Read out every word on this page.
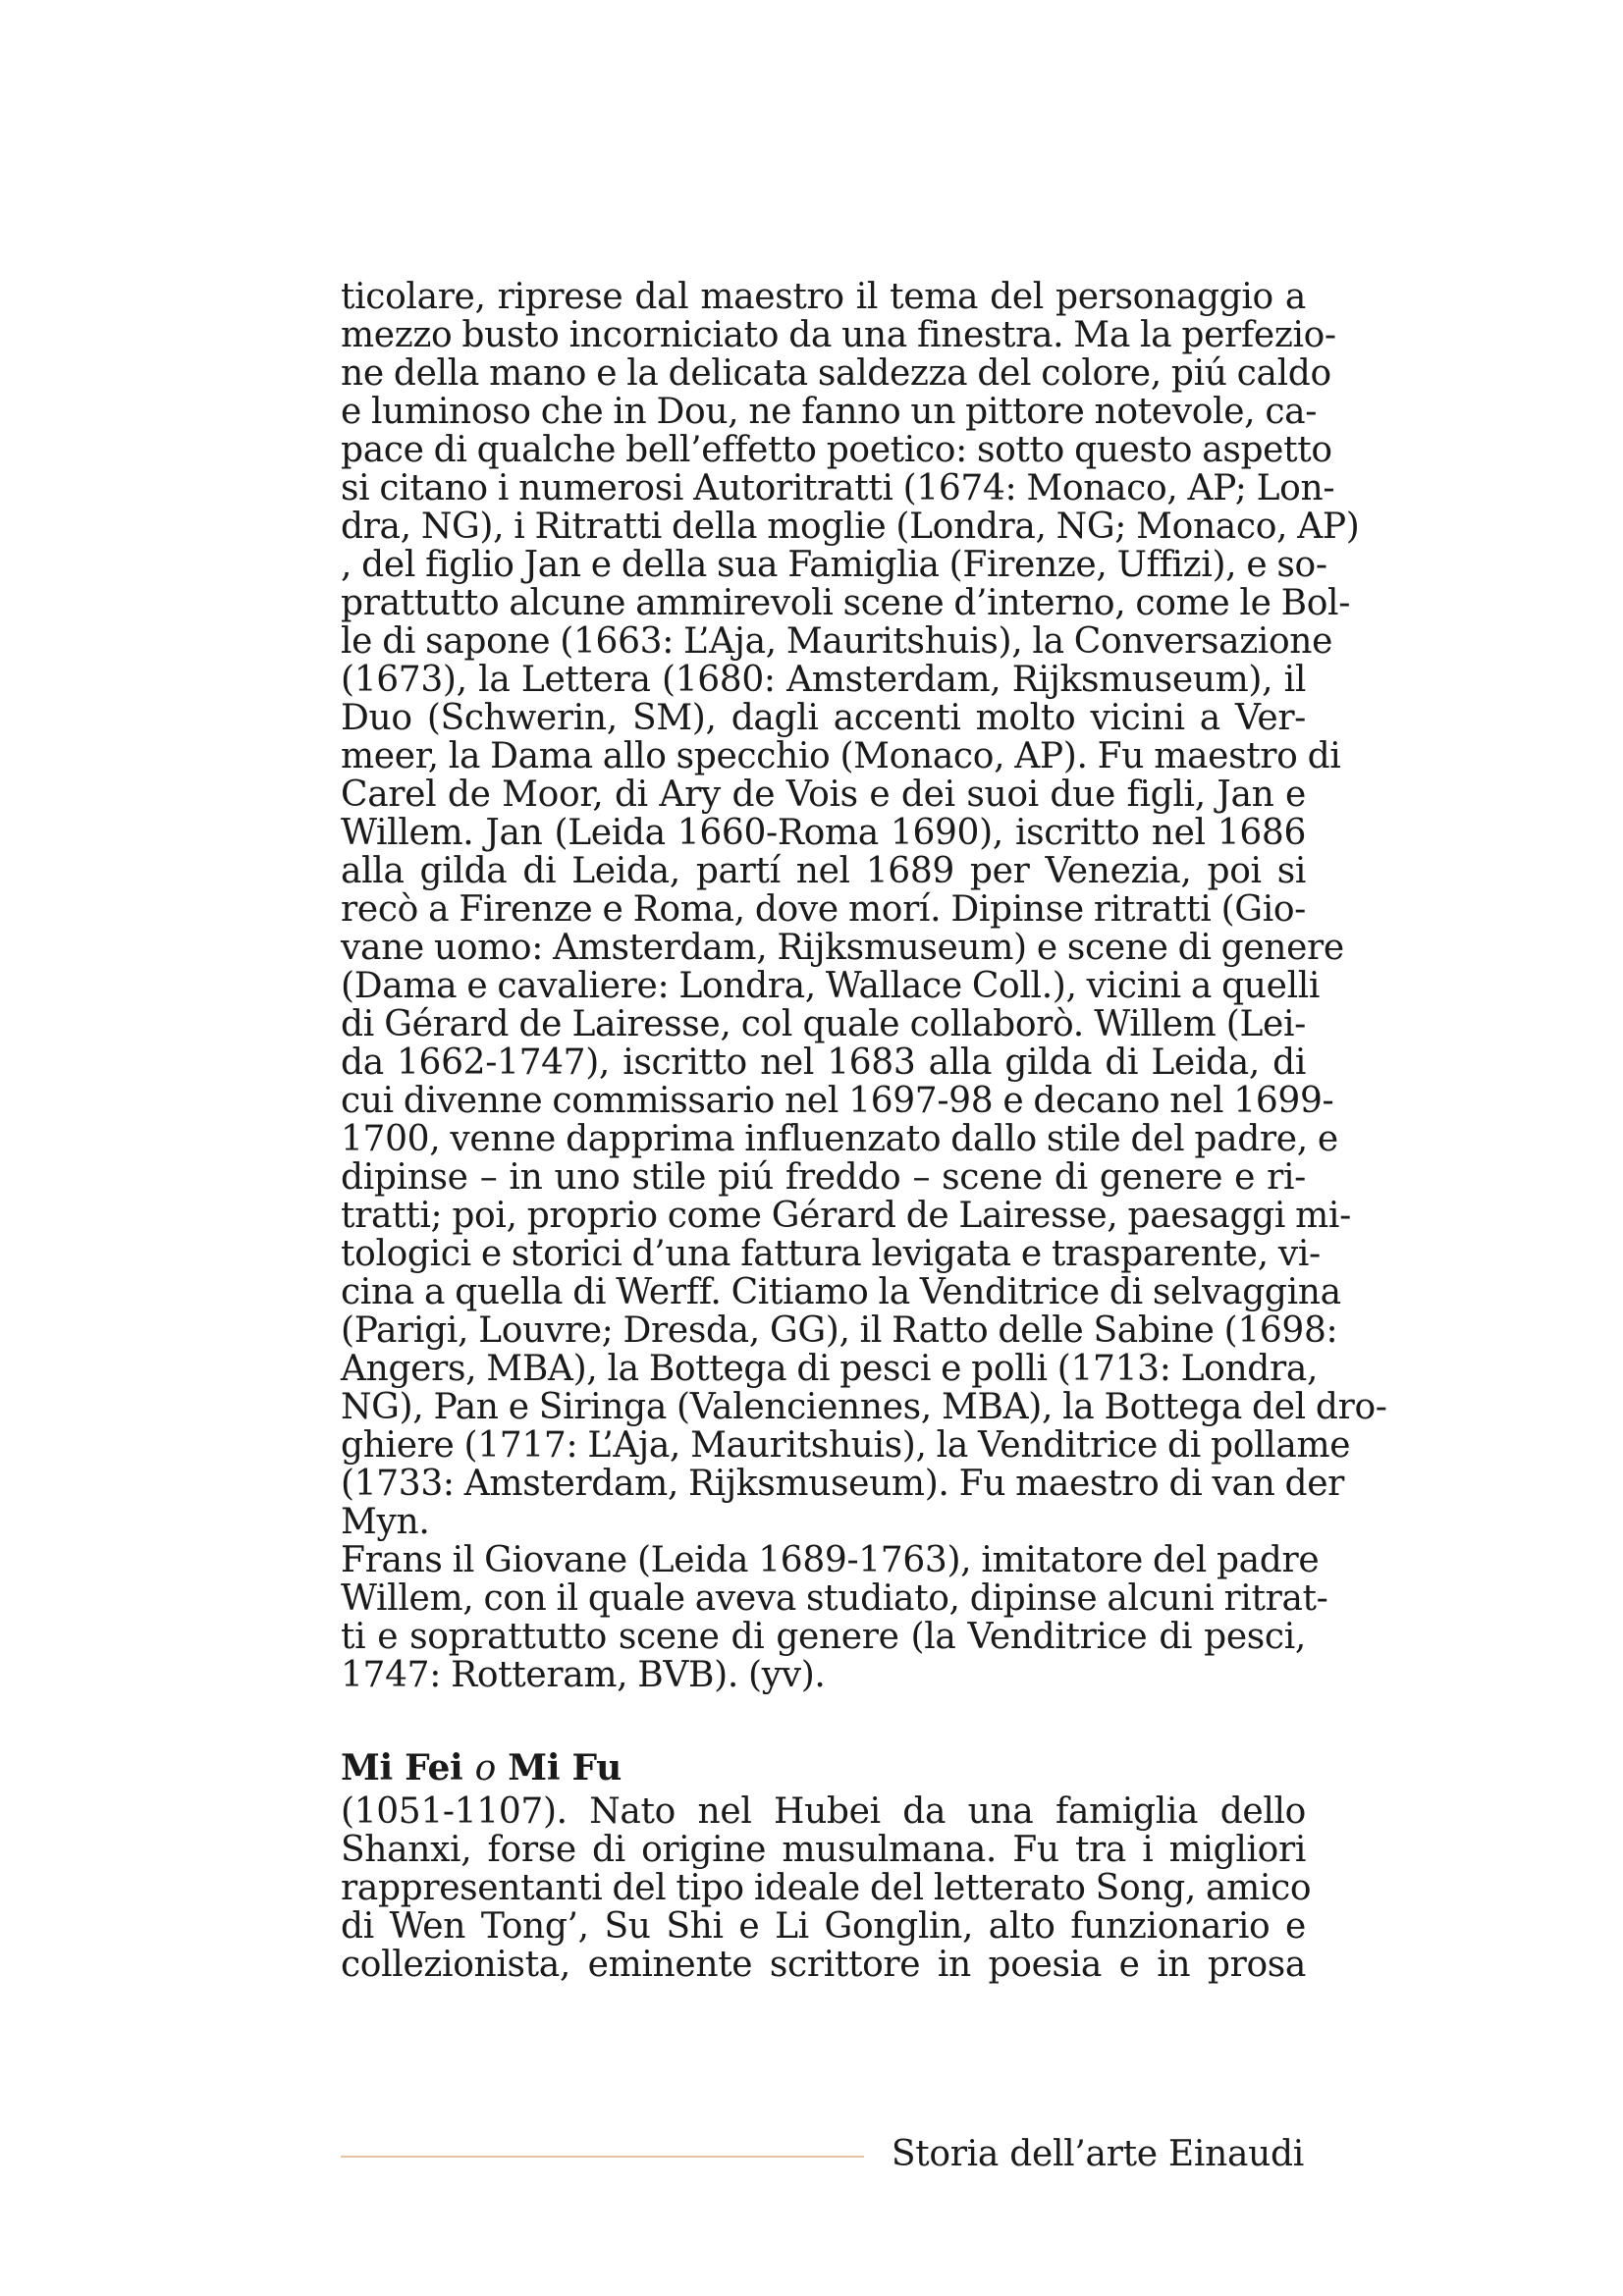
ticolare, riprese dal maestro il tema del personaggio a
mezzo busto incorniciato da una finestra. Ma la perfezio-
ne della mano e la delicata saldezza del colore, piú caldo
e luminoso che in Dou, ne fanno un pittore notevole, ca-
pace di qualche bell’effetto poetico: sotto questo aspetto
si citano i numerosi Autoritratti (1674: Monaco, AP; Lon-
dra, NG), i Ritratti della moglie (Londra, NG; Monaco, AP)
, del figlio Jan e della sua Famiglia (Firenze, Uffizi), e so-
prattutto alcune ammirevoli scene d’interno, come le Bol-
le di sapone (1663: L’Aja, Mauritshuis), la Conversazione
(1673), la Lettera (1680: Amsterdam, Rijksmuseum), il
Duo (Schwerin, SM), dagli accenti molto vicini a Ver-
meer, la Dama allo specchio (Monaco, AP). Fu maestro di
Carel de Moor, di Ary de Vois e dei suoi due figli, Jan e
Willem. Jan (Leida 1660-Roma 1690), iscritto nel 1686
alla gilda di Leida, partí nel 1689 per Venezia, poi si
recò a Firenze e Roma, dove morí. Dipinse ritratti (Gio-
vane uomo: Amsterdam, Rijksmuseum) e scene di genere
(Dama e cavaliere: Londra, Wallace Coll.), vicini a quelli
di Gérard de Lairesse, col quale collaborò. Willem (Lei-
da 1662-1747), iscritto nel 1683 alla gilda di Leida, di
cui divenne commissario nel 1697-98 e decano nel 1699-
1700, venne dapprima influenzato dallo stile del padre, e
dipinse – in uno stile piú freddo – scene di genere e ri-
tratti; poi, proprio come Gérard de Lairesse, paesaggi mi-
tologici e storici d’una fattura levigata e trasparente, vi-
cina a quella di Werff. Citiamo la Venditrice di selvaggina
(Parigi, Louvre; Dresda, GG), il Ratto delle Sabine (1698:
Angers, MBA), la Bottega di pesci e polli (1713: Londra,
NG), Pan e Siringa (Valenciennes, MBA), la Bottega del dro-
ghiere (1717: L’Aja, Mauritshuis), la Venditrice di pollame
(1733: Amsterdam, Rijksmuseum). Fu maestro di van der
Myn.
Frans il Giovane (Leida 1689-1763), imitatore del padre
Willem, con il quale aveva studiato, dipinse alcuni ritrat-
ti e soprattutto scene di genere (la Venditrice di pesci,
1747: Rotteram, BVB). (yv).
Mi Fei o Mi Fu
(1051-1107). Nato nel Hubei da una famiglia dello
Shanxi, forse di origine musulmana. Fu tra i migliori
rappresentanti del tipo ideale del letterato Song, amico
di Wen Tong’, Su Shi e Li Gonglin, alto funzionario e
collezionista, eminente scrittore in poesia e in prosa
Storia dell’arte Einaudi
